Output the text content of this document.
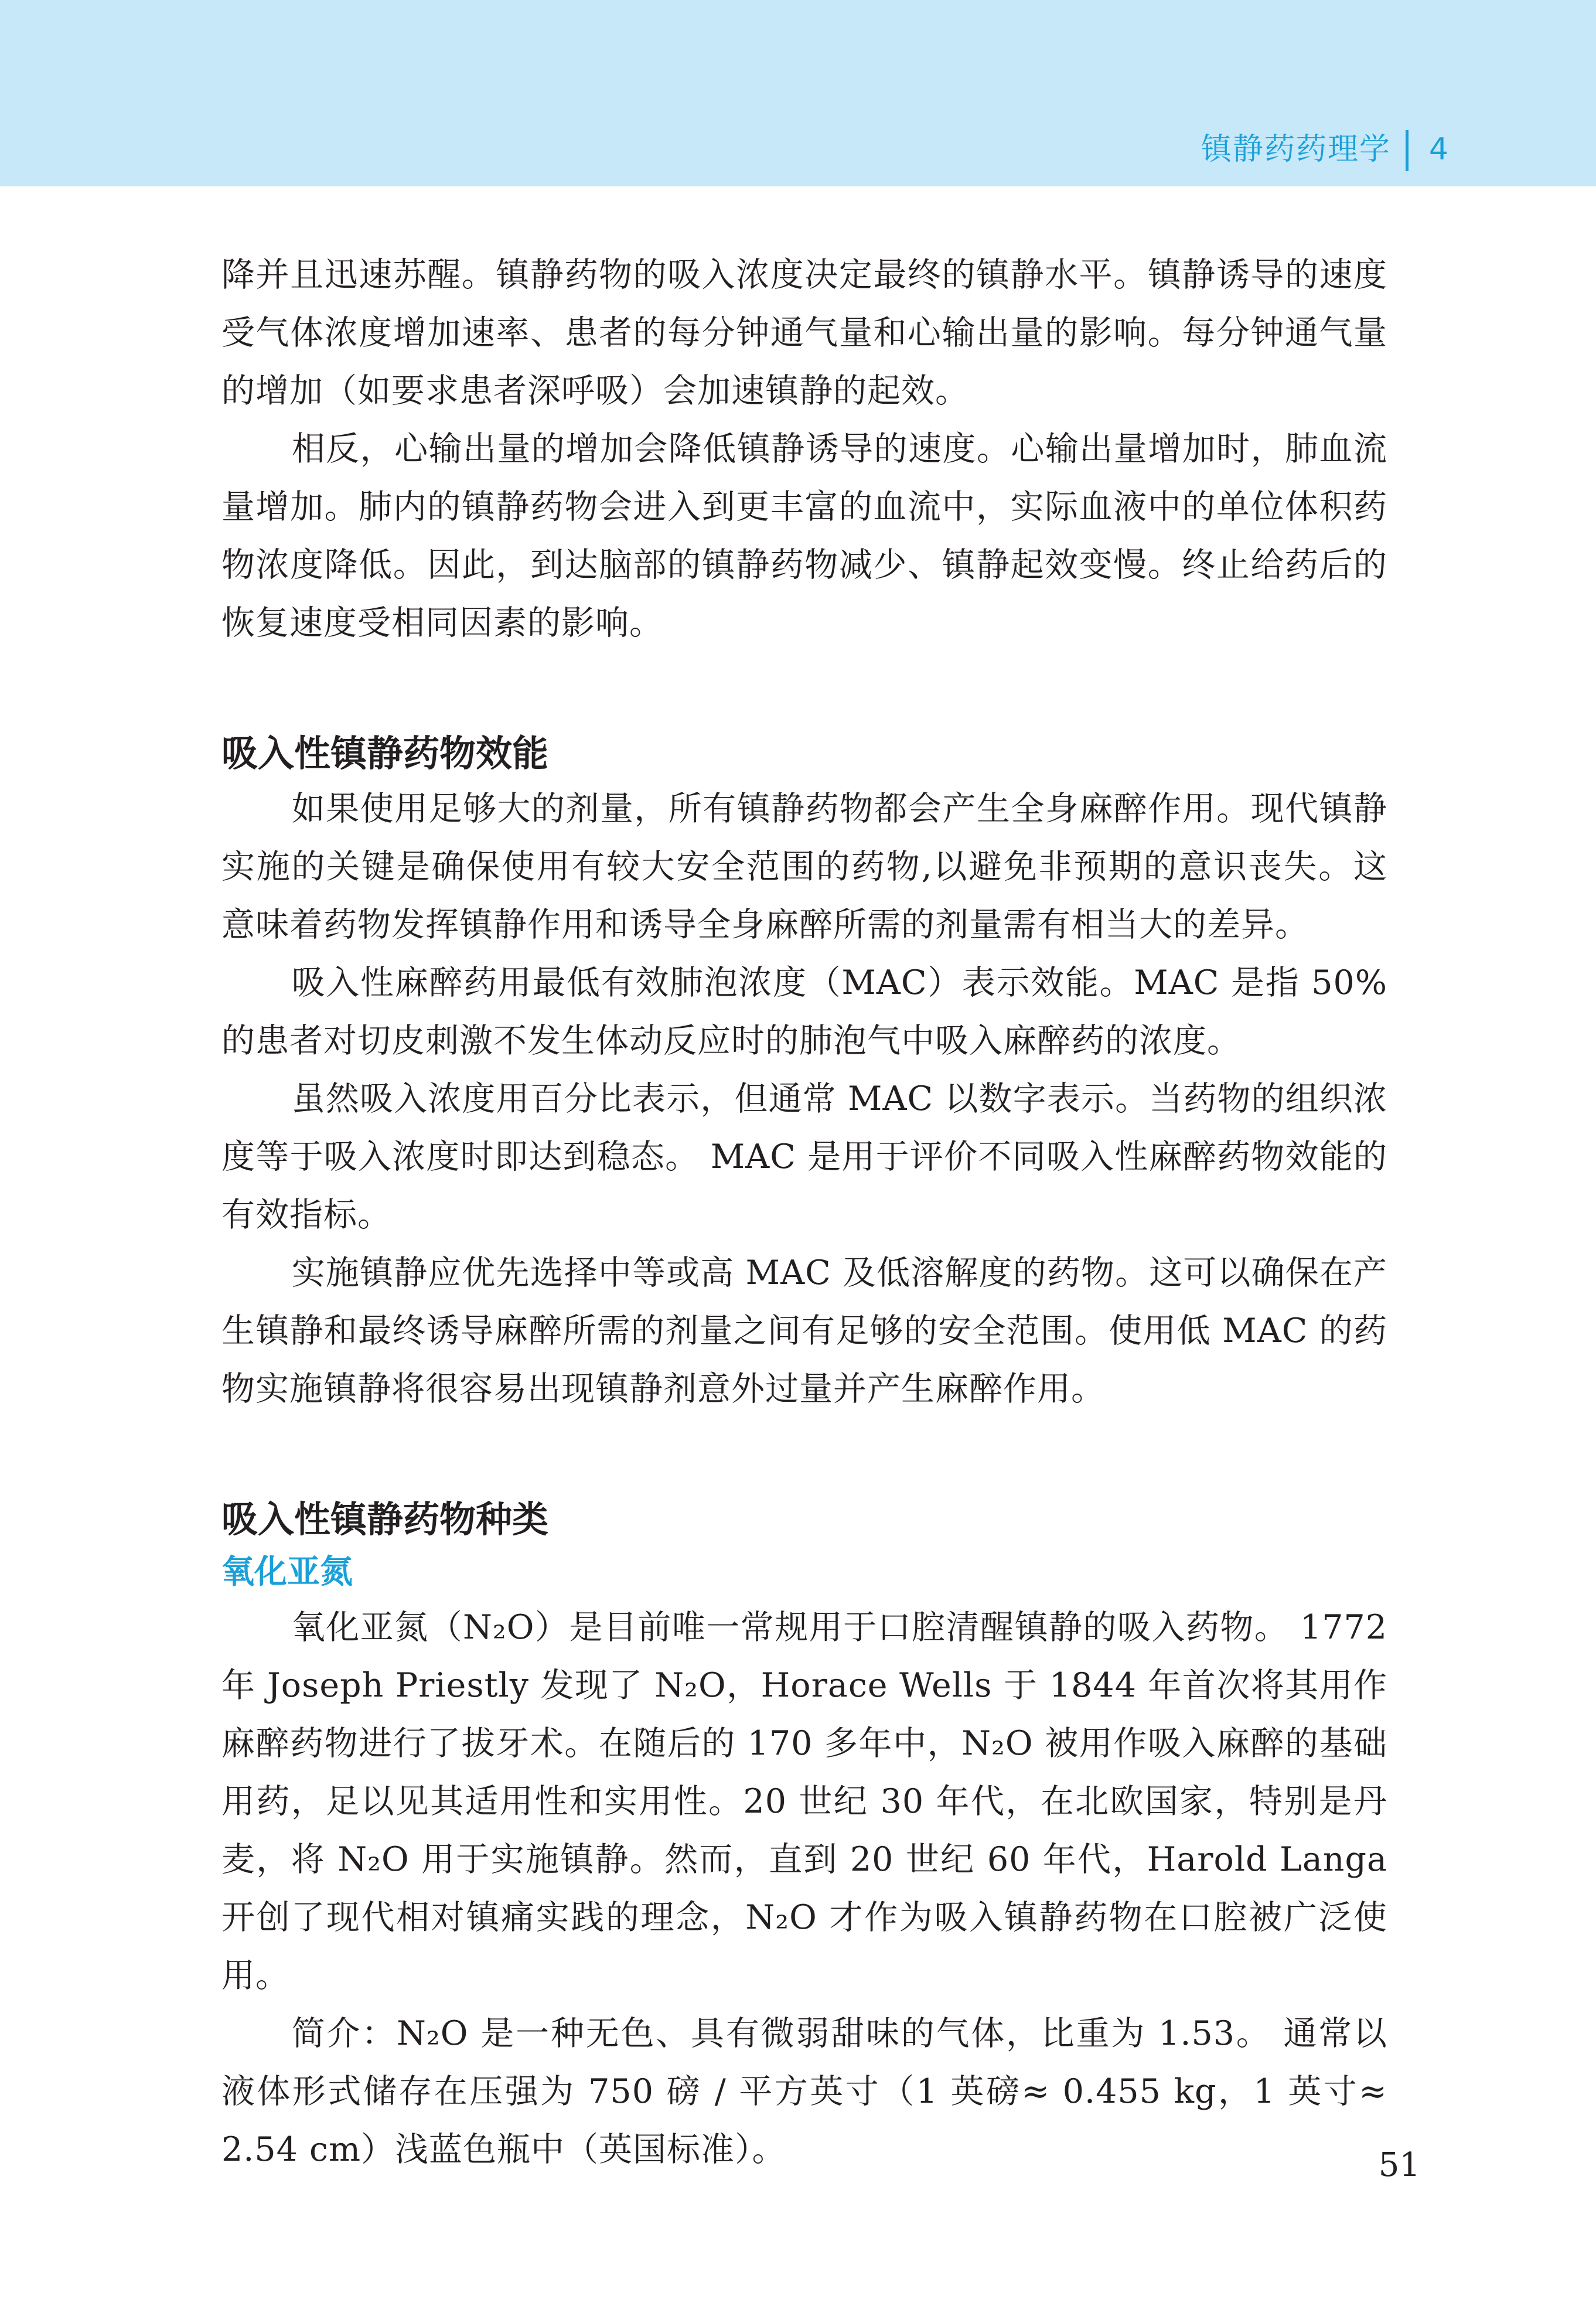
镇静药药理学 4

降并且迅速苏醒。镇静药物的吸入浓度决定最终的镇静水平。镇静诱导的速度受气体浓度增加速率、患者的每分钟通气量和心输出量的影响。每分钟通气量的增加（如要求患者深呼吸）会加速镇静的起效。

相反，心输出量的增加会降低镇静诱导的速度。心输出量增加时，肺血流量增加。肺内的镇静药物会进入到更丰富的血流中，实际血液中的单位体积药物浓度降低。因此，到达脑部的镇静药物减少、镇静起效变慢。终止给药后的恢复速度受相同因素的影响。

吸入性镇静药物效能

如果使用足够大的剂量，所有镇静药物都会产生全身麻醉作用。现代镇静实施的关键是确保使用有较大安全范围的药物,以避免非预期的意识丧失。这意味着药物发挥镇静作用和诱导全身麻醉所需的剂量需有相当大的差异。

吸入性麻醉药用最低有效肺泡浓度（MAC）表示效能。MAC 是指 50% 的患者对切皮刺激不发生体动反应时的肺泡气中吸入麻醉药的浓度。

虽然吸入浓度用百分比表示，但通常 MAC 以数字表示。当药物的组织浓度等于吸入浓度时即达到稳态。 MAC 是用于评价不同吸入性麻醉药物效能的有效指标。

实施镇静应优先选择中等或高 MAC 及低溶解度的药物。这可以确保在产生镇静和最终诱导麻醉所需的剂量之间有足够的安全范围。使用低 MAC 的药物实施镇静将很容易出现镇静剂意外过量并产生麻醉作用。

吸入性镇静药物种类
氧化亚氮

氧化亚氮（N₂O）是目前唯一常规用于口腔清醒镇静的吸入药物。 1772 年 Joseph Priestly 发现了 N₂O，Horace Wells 于 1844 年首次将其用作麻醉药物进行了拔牙术。在随后的 170 多年中，N₂O 被用作吸入麻醉的基础用药，足以见其适用性和实用性。20 世纪 30 年代，在北欧国家，特别是丹麦，将 N₂O 用于实施镇静。然而，直到 20 世纪 60 年代，Harold Langa 开创了现代相对镇痛实践的理念，N₂O 才作为吸入镇静药物在口腔被广泛使用。

简介：N₂O 是一种无色、具有微弱甜味的气体，比重为 1.53。 通常以液体形式储存在压强为 750 磅 / 平方英寸（1 英磅≈ 0.455 kg，1 英寸≈ 2.54 cm）浅蓝色瓶中（英国标准）。	51
